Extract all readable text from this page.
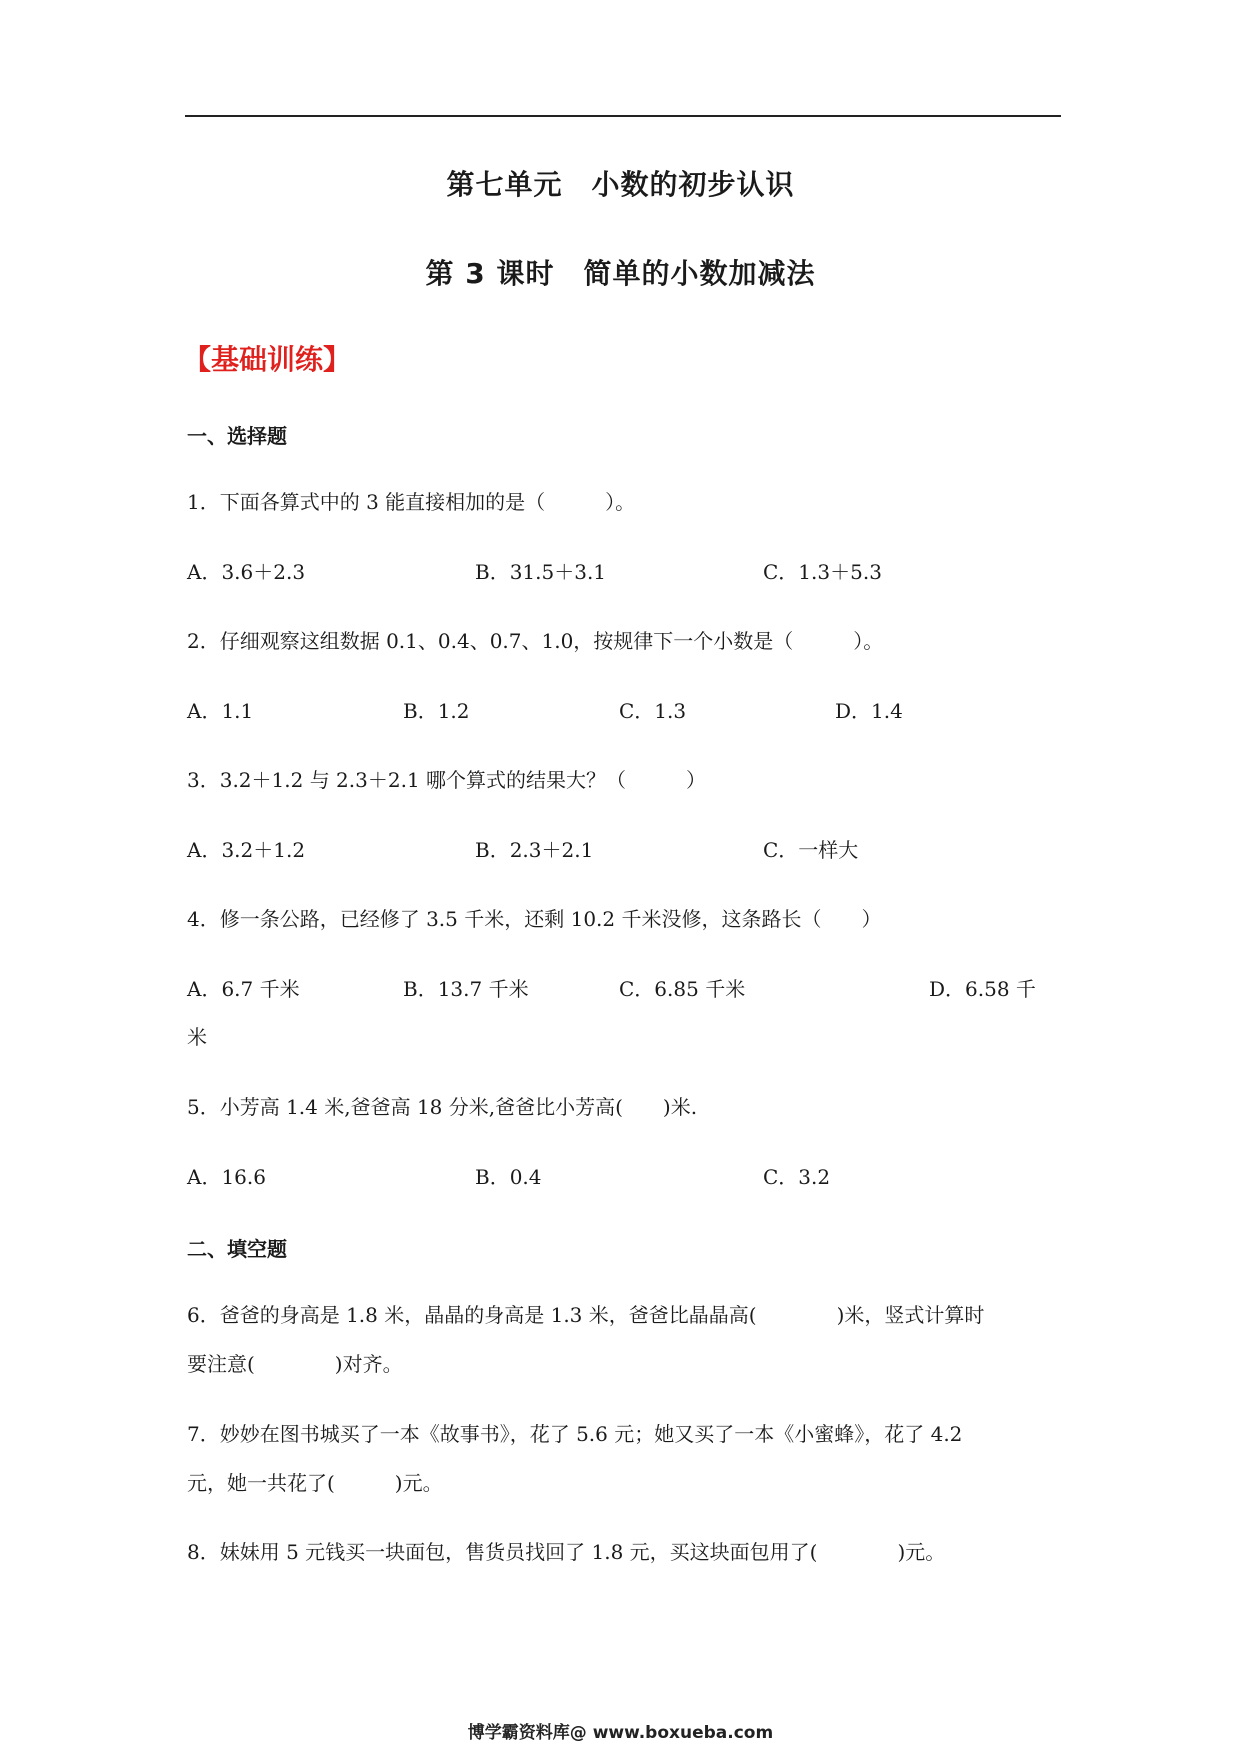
第七单元　小数的初步认识
第 3 课时　简单的小数加减法
【基础训练】
一、选择题
1．下面各算式中的 3 能直接相加的是（　　　）。
A．3.6＋2.3	B．31.5＋3.1	C．1.3＋5.3
2．仔细观察这组数据 0.1、0.4、0.7、1.0，按规律下一个小数是（　　　）。
A．1.1	B．1.2	C．1.3	D．1.4
3．3.2＋1.2 与 2.3＋2.1 哪个算式的结果大？（　　　）
A．3.2＋1.2	B．2.3＋2.1	C．一样大
4．修一条公路，已经修了 3.5 千米，还剩 10.2 千米没修，这条路长（　　）
A．6.7 千米	B．13.7 千米	C．6.85 千米	D．6.58 千
米
5．小芳高 1.4 米,爸爸高 18 分米,爸爸比小芳高(　　)米.
A．16.6	B．0.4	C．3.2
二、填空题
6．爸爸的身高是 1.8 米，晶晶的身高是 1.3 米，爸爸比晶晶高(　　　　)米，竖式计算时
要注意(　　　　)对齐。
7．妙妙在图书城买了一本《故事书》，花了 5.6 元；她又买了一本《小蜜蜂》，花了 4.2
元，她一共花了(　　　)元。
8．妹妹用 5 元钱买一块面包，售货员找回了 1.8 元，买这块面包用了(　　　　)元。
博学霸资料库@ www.boxueba.com
